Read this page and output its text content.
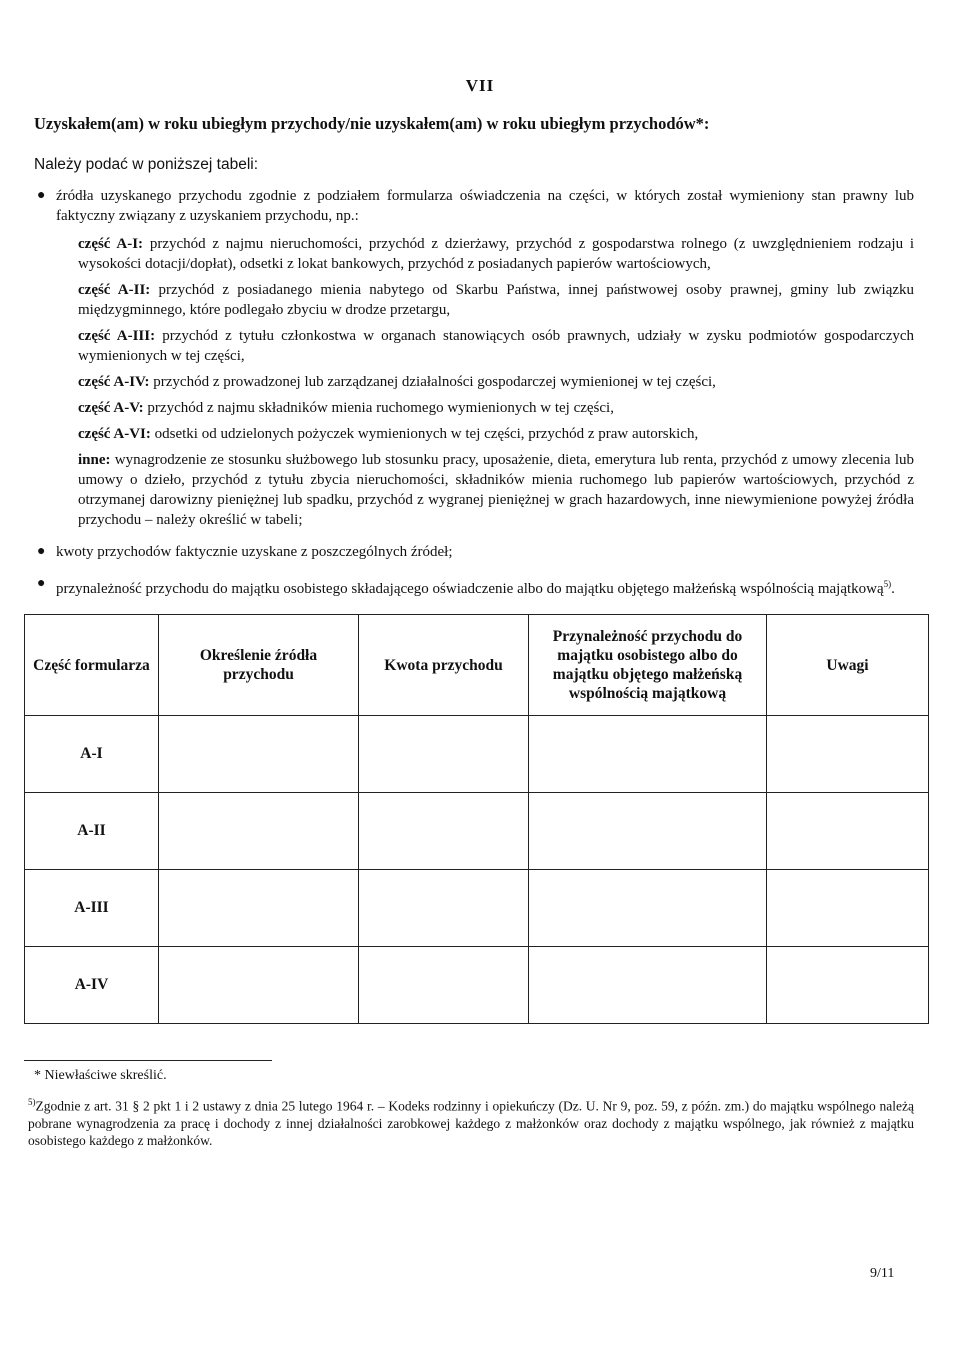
VII
Uzyskałem(am) w roku ubiegłym przychody/nie uzyskałem(am) w roku ubiegłym przychodów*:
Należy podać w poniższej tabeli:
● źródła uzyskanego przychodu zgodnie z podziałem formularza oświadczenia na części, w których został wymieniony stan prawny lub faktyczny związany z uzyskaniem przychodu, np.:

część A-I: przychód z najmu nieruchomości, przychód z dzierżawy, przychód z gospodarstwa rolnego (z uwzględnieniem rodzaju i wysokości dotacji/dopłat), odsetki z lokat bankowych, przychód z posiadanych papierów wartościowych,

część A-II: przychód z posiadanego mienia nabytego od Skarbu Państwa, innej państwowej osoby prawnej, gminy lub związku międzygminnego, które podlegało zbyciu w drodze przetargu,

część A-III: przychód z tytułu członkostwa w organach stanowiących osób prawnych, udziały w zysku podmiotów gospodarczych wymienionych w tej części,

część A-IV: przychód z prowadzonej lub zarządzanej działalności gospodarczej wymienionej w tej części,

część A-V: przychód z najmu składników mienia ruchomego wymienionych w tej części,

część A-VI: odsetki od udzielonych pożyczek wymienionych w tej części, przychód z praw autorskich,

inne: wynagrodzenie ze stosunku służbowego lub stosunku pracy, uposażenie, dieta, emerytura lub renta, przychód z umowy zlecenia lub umowy o dzieło, przychód z tytułu zbycia nieruchomości, składników mienia ruchomego lub papierów wartościowych, przychód z otrzymanej darowizny pieniężnej lub spadku, przychód z wygranej pieniężnej w grach hazardowych, inne niewymienione powyżej źródła przychodu – należy określić w tabeli;

● kwoty przychodów faktycznie uzyskane z poszczególnych źródeł;
● przynależność przychodu do majątku osobistego składającego oświadczenie albo do majątku objętego małżeńską wspólnością majątkową$^{5)}$.
Część formularza	Określenie źródła przychodu	Kwota przychodu	Przynależność przychodu do majątku osobistego albo do majątku objętego małżeńską wspólnością majątkową	Uwagi
A-I				
A-II				
A-III				
A-IV				
* Niewłaściwe skreślić.
$^{5)}$Zgodnie z art. 31 § 2 pkt 1 i 2 ustawy z dnia 25 lutego 1964 r. – Kodeks rodzinny i opiekuńczy (Dz. U. Nr 9, poz. 59, z późn. zm.) do majątku wspólnego należą pobrane wynagrodzenia za pracę i dochody z innej działalności zarobkowej każdego z małżonków oraz dochody z majątku wspólnego, jak również z majątku osobistego każdego z małżonków.
9/11
